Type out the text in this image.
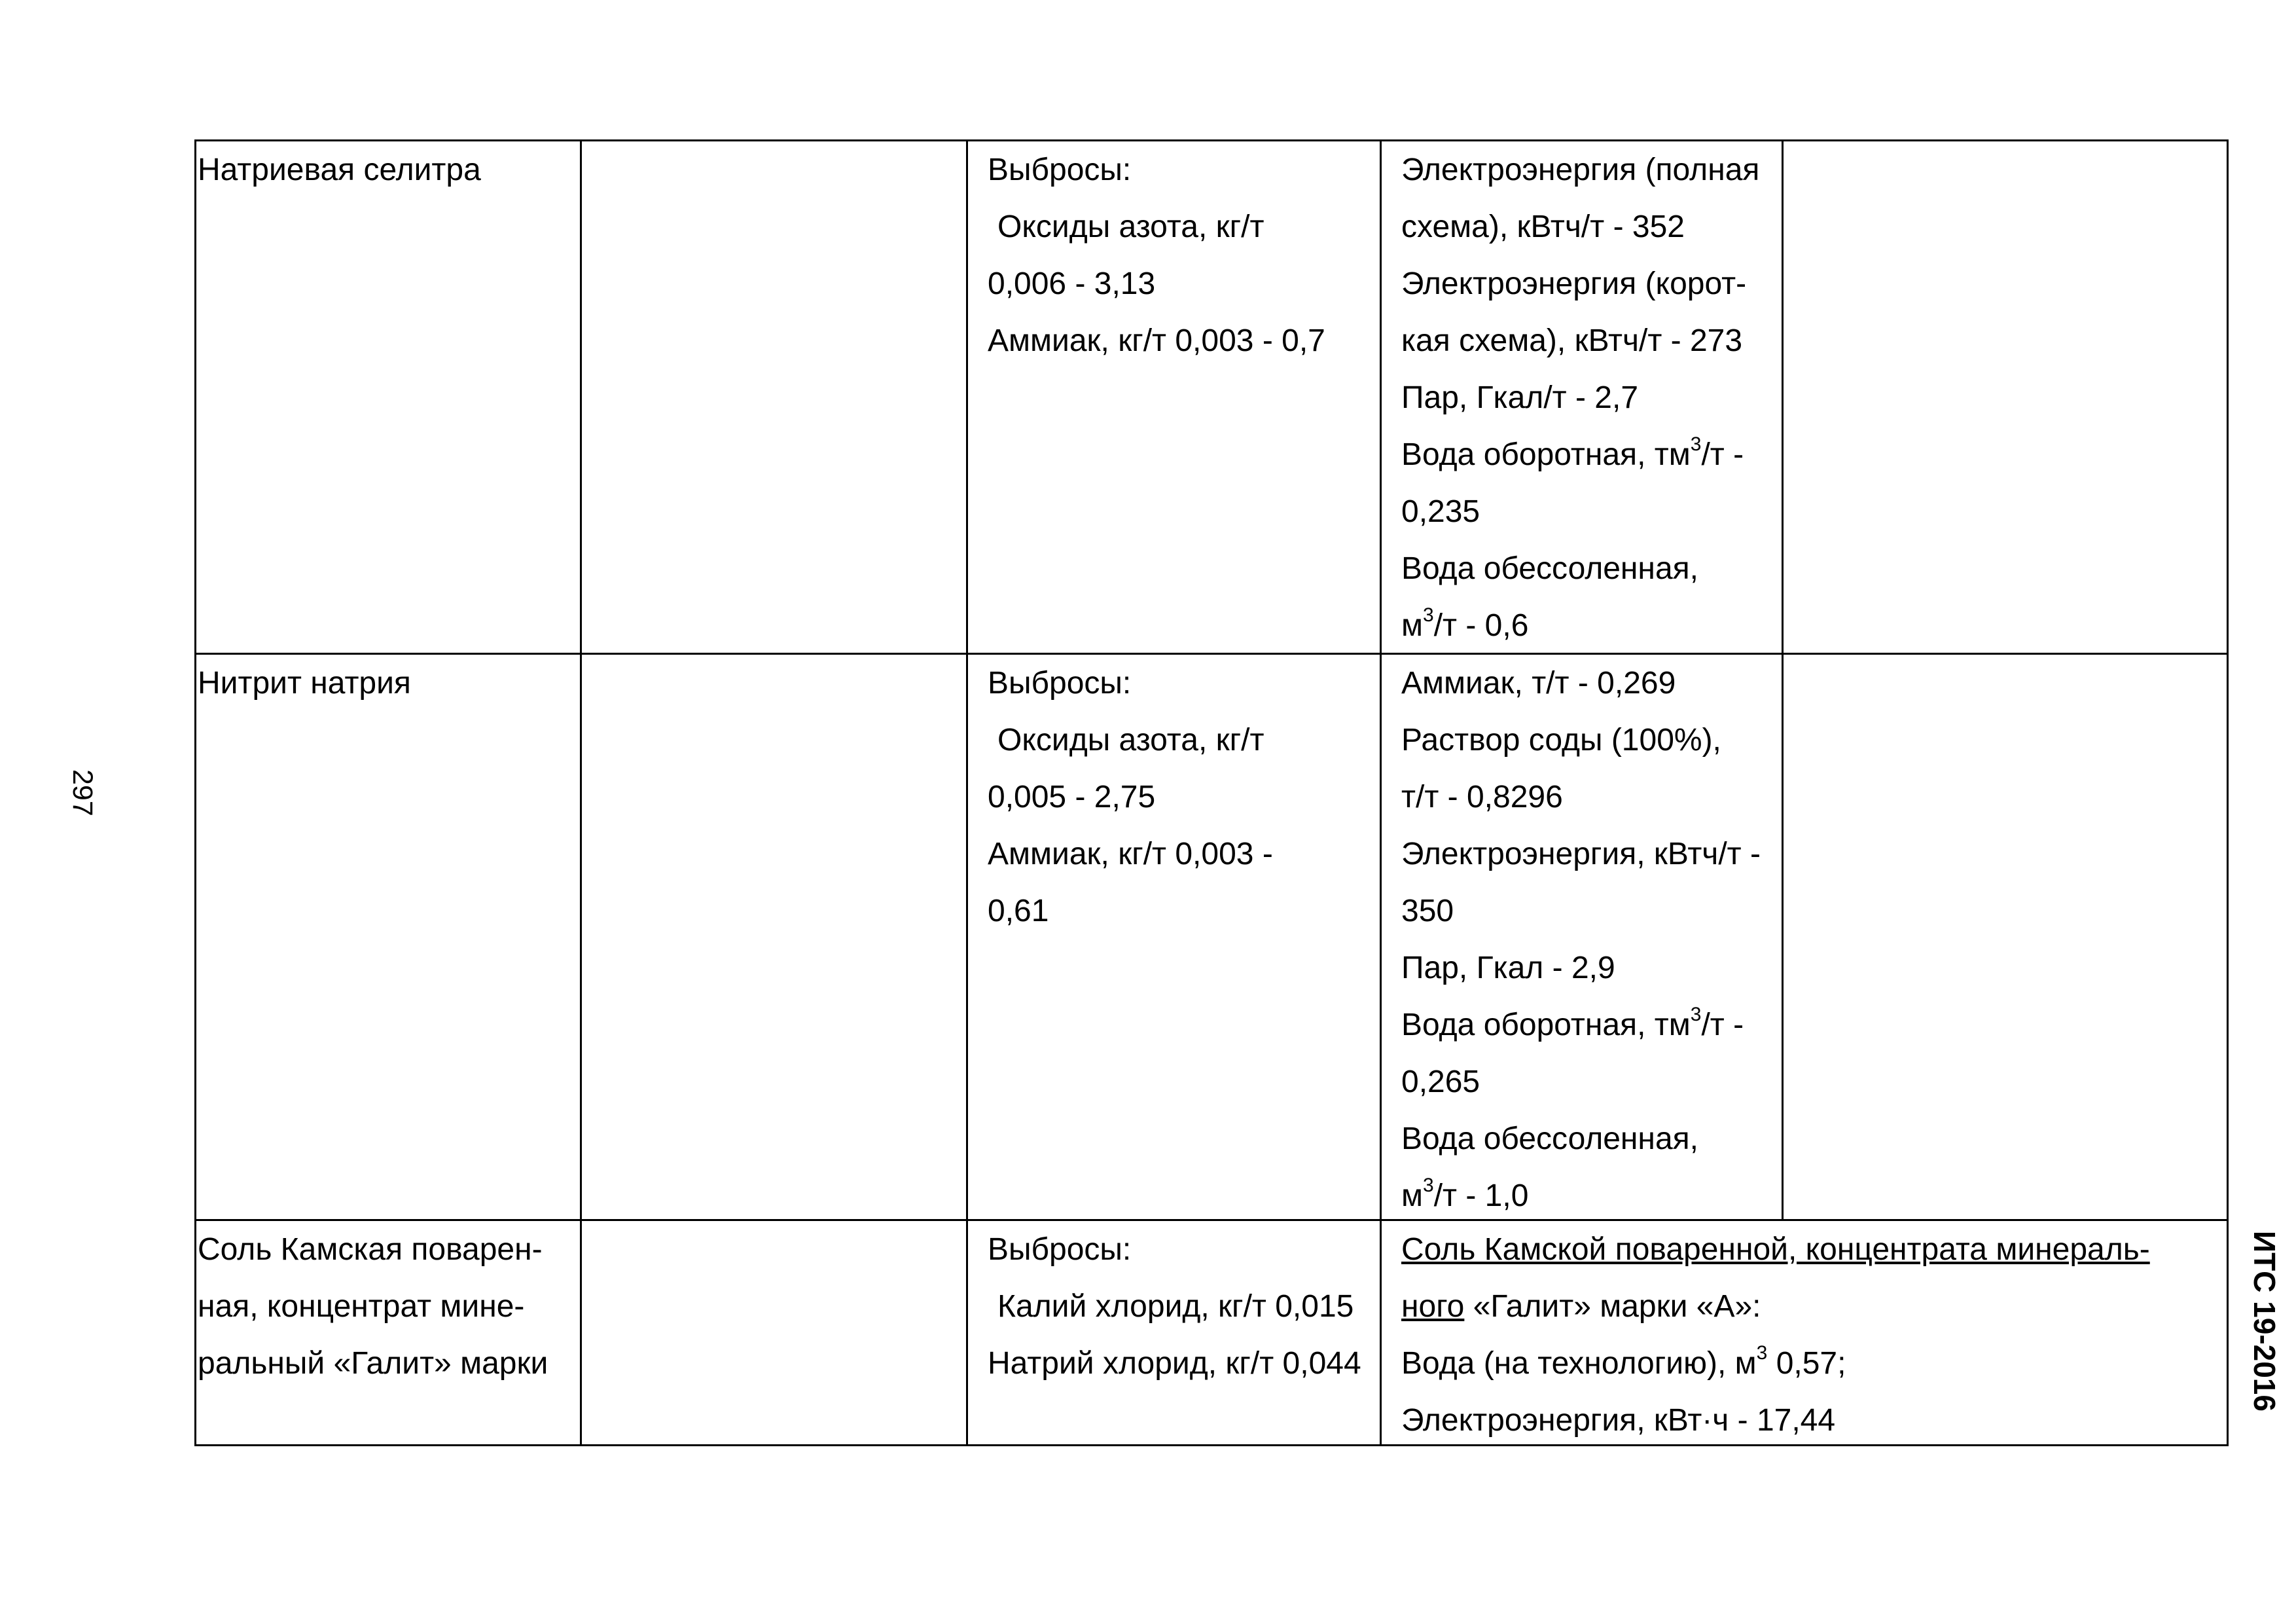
297
ИТС 19-2016
Натриевая селитра	Выбросы:
Оксиды азота, кг/т
0,006 - 3,13
Аммиак, кг/т 0,003 - 0,7
Электроэнергия (полная
схема), кВтч/т - 352
Электроэнергия (корот-
кая схема), кВтч/т - 273
Пар, Гкал/т - 2,7
Вода оборотная, $тм^3/т$ -
0,235
Вода обессоленная,
$м^3/т - 0,6$
Нитрит натрия	Выбросы:
Оксиды азота, кг/т
0,005 - 2,75
Аммиак, кг/т 0,003 -
0,61
Аммиак, т/т - 0,269
Раствор соды (100%),
т/т - 0,8296
Электроэнергия, кВтч/т -
350
Пар, Гкал - 2,9
Вода оборотная, $тм^3/т$ -
0,265
Вода обессоленная,
$м^3/т - 1,0$
Соль Камская поварен-
ная, концентрат мине-
ральный «Галит» марки
Выбросы:
Калий хлорид, кг/т 0,015
Натрий хлорид, кг/т 0,044
Соль Камской поваренной, концентрата минераль-
ного «Галит» марки «А»:
Вода (на технологию), $м^3$ 0,57;
Электроэнергия, кВт·ч - 17,44
